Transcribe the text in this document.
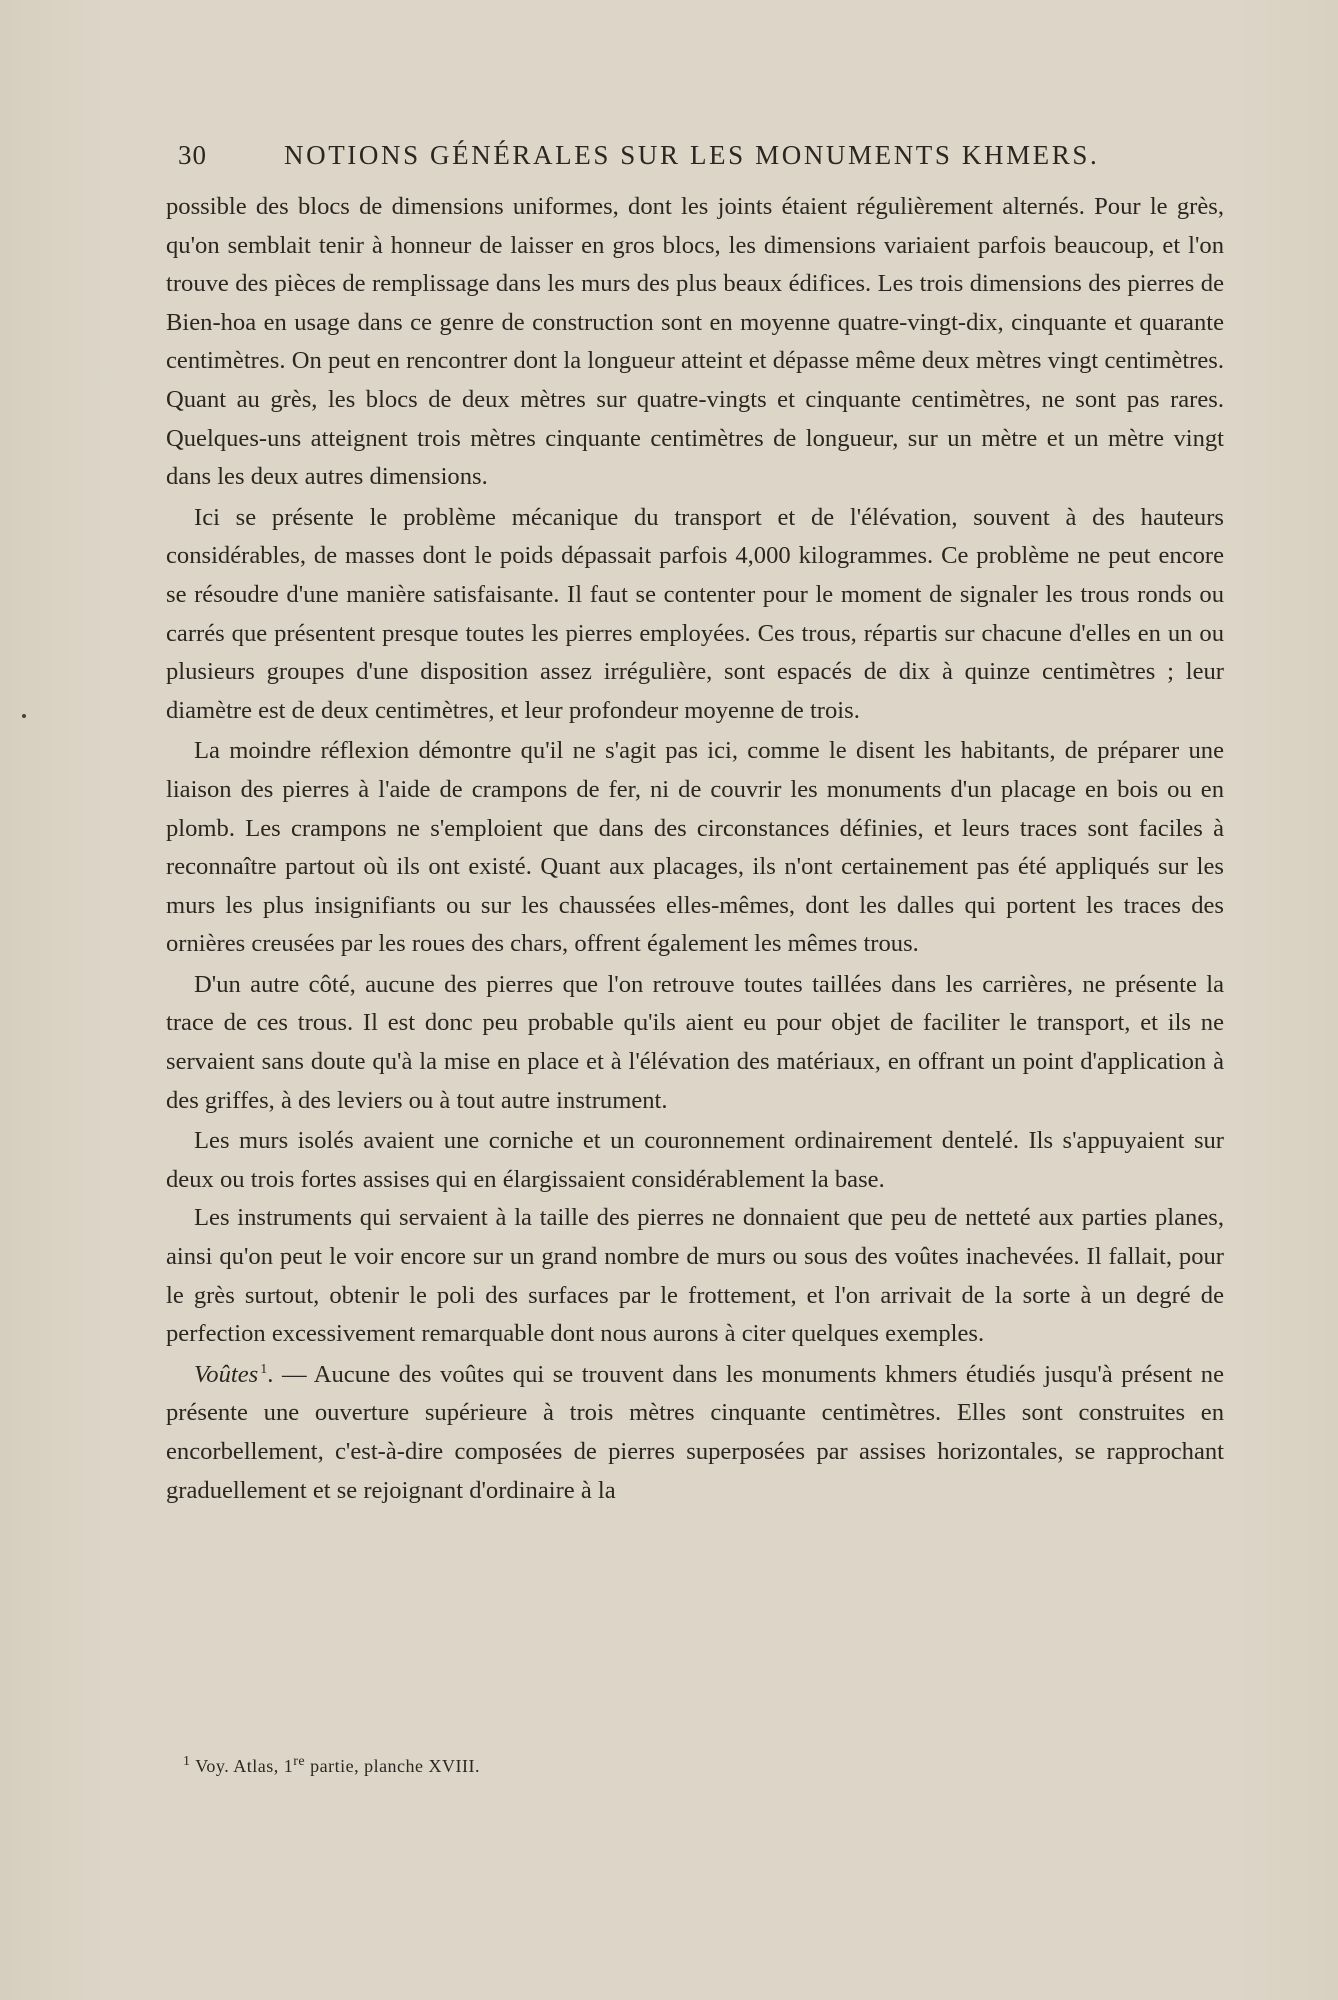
30	NOTIONS GÉNÉRALES SUR LES MONUMENTS KHMERS.

possible des blocs de dimensions uniformes, dont les joints étaient régulièrement alternés. Pour le grès, qu'on semblait tenir à honneur de laisser en gros blocs, les dimensions variaient parfois beaucoup, et l'on trouve des pièces de remplissage dans les murs des plus beaux édifices. Les trois dimensions des pierres de Bien-hoa en usage dans ce genre de construction sont en moyenne quatre-vingt-dix, cinquante et quarante centimètres. On peut en rencontrer dont la longueur atteint et dépasse même deux mètres vingt centimètres. Quant au grès, les blocs de deux mètres sur quatre-vingts et cinquante centimètres, ne sont pas rares. Quelques-uns atteignent trois mètres cinquante centimètres de longueur, sur un mètre et un mètre vingt dans les deux autres dimensions.

Ici se présente le problème mécanique du transport et de l'élévation, souvent à des hauteurs considérables, de masses dont le poids dépassait parfois 4,000 kilogrammes. Ce problème ne peut encore se résoudre d'une manière satisfaisante. Il faut se contenter pour le moment de signaler les trous ronds ou carrés que présentent presque toutes les pierres employées. Ces trous, répartis sur chacune d'elles en un ou plusieurs groupes d'une disposition assez irrégulière, sont espacés de dix à quinze centimètres ; leur diamètre est de deux centimètres, et leur profondeur moyenne de trois.

La moindre réflexion démontre qu'il ne s'agit pas ici, comme le disent les habitants, de préparer une liaison des pierres à l'aide de crampons de fer, ni de couvrir les monuments d'un placage en bois ou en plomb. Les crampons ne s'emploient que dans des circonstances définies, et leurs traces sont faciles à reconnaître partout où ils ont existé. Quant aux placages, ils n'ont certainement pas été appliqués sur les murs les plus insignifiants ou sur les chaussées elles-mêmes, dont les dalles qui portent les traces des ornières creusées par les roues des chars, offrent également les mêmes trous.

D'un autre côté, aucune des pierres que l'on retrouve toutes taillées dans les carrières, ne présente la trace de ces trous. Il est donc peu probable qu'ils aient eu pour objet de faciliter le transport, et ils ne servaient sans doute qu'à la mise en place et à l'élévation des matériaux, en offrant un point d'application à des griffes, à des leviers ou à tout autre instrument.

Les murs isolés avaient une corniche et un couronnement ordinairement dentelé. Ils s'appuyaient sur deux ou trois fortes assises qui en élargissaient considérablement la base.

Les instruments qui servaient à la taille des pierres ne donnaient que peu de netteté aux parties planes, ainsi qu'on peut le voir encore sur un grand nombre de murs ou sous des voûtes inachevées. Il fallait, pour le grès surtout, obtenir le poli des surfaces par le frottement, et l'on arrivait de la sorte à un degré de perfection excessivement remarquable dont nous aurons à citer quelques exemples.

Voûtes  $^1$. — Aucune des voûtes qui se trouvent dans les monuments khmers étudiés jusqu'à présent ne présente une ouverture supérieure à trois mètres cinquante centimètres. Elles sont construites en encorbellement, c'est-à-dire composées de pierres superposées par assises horizontales, se rapprochant graduellement et se rejoignant d'ordinaire à la

$^1$ Voy. Atlas, 1re partie, planche XVIII.
